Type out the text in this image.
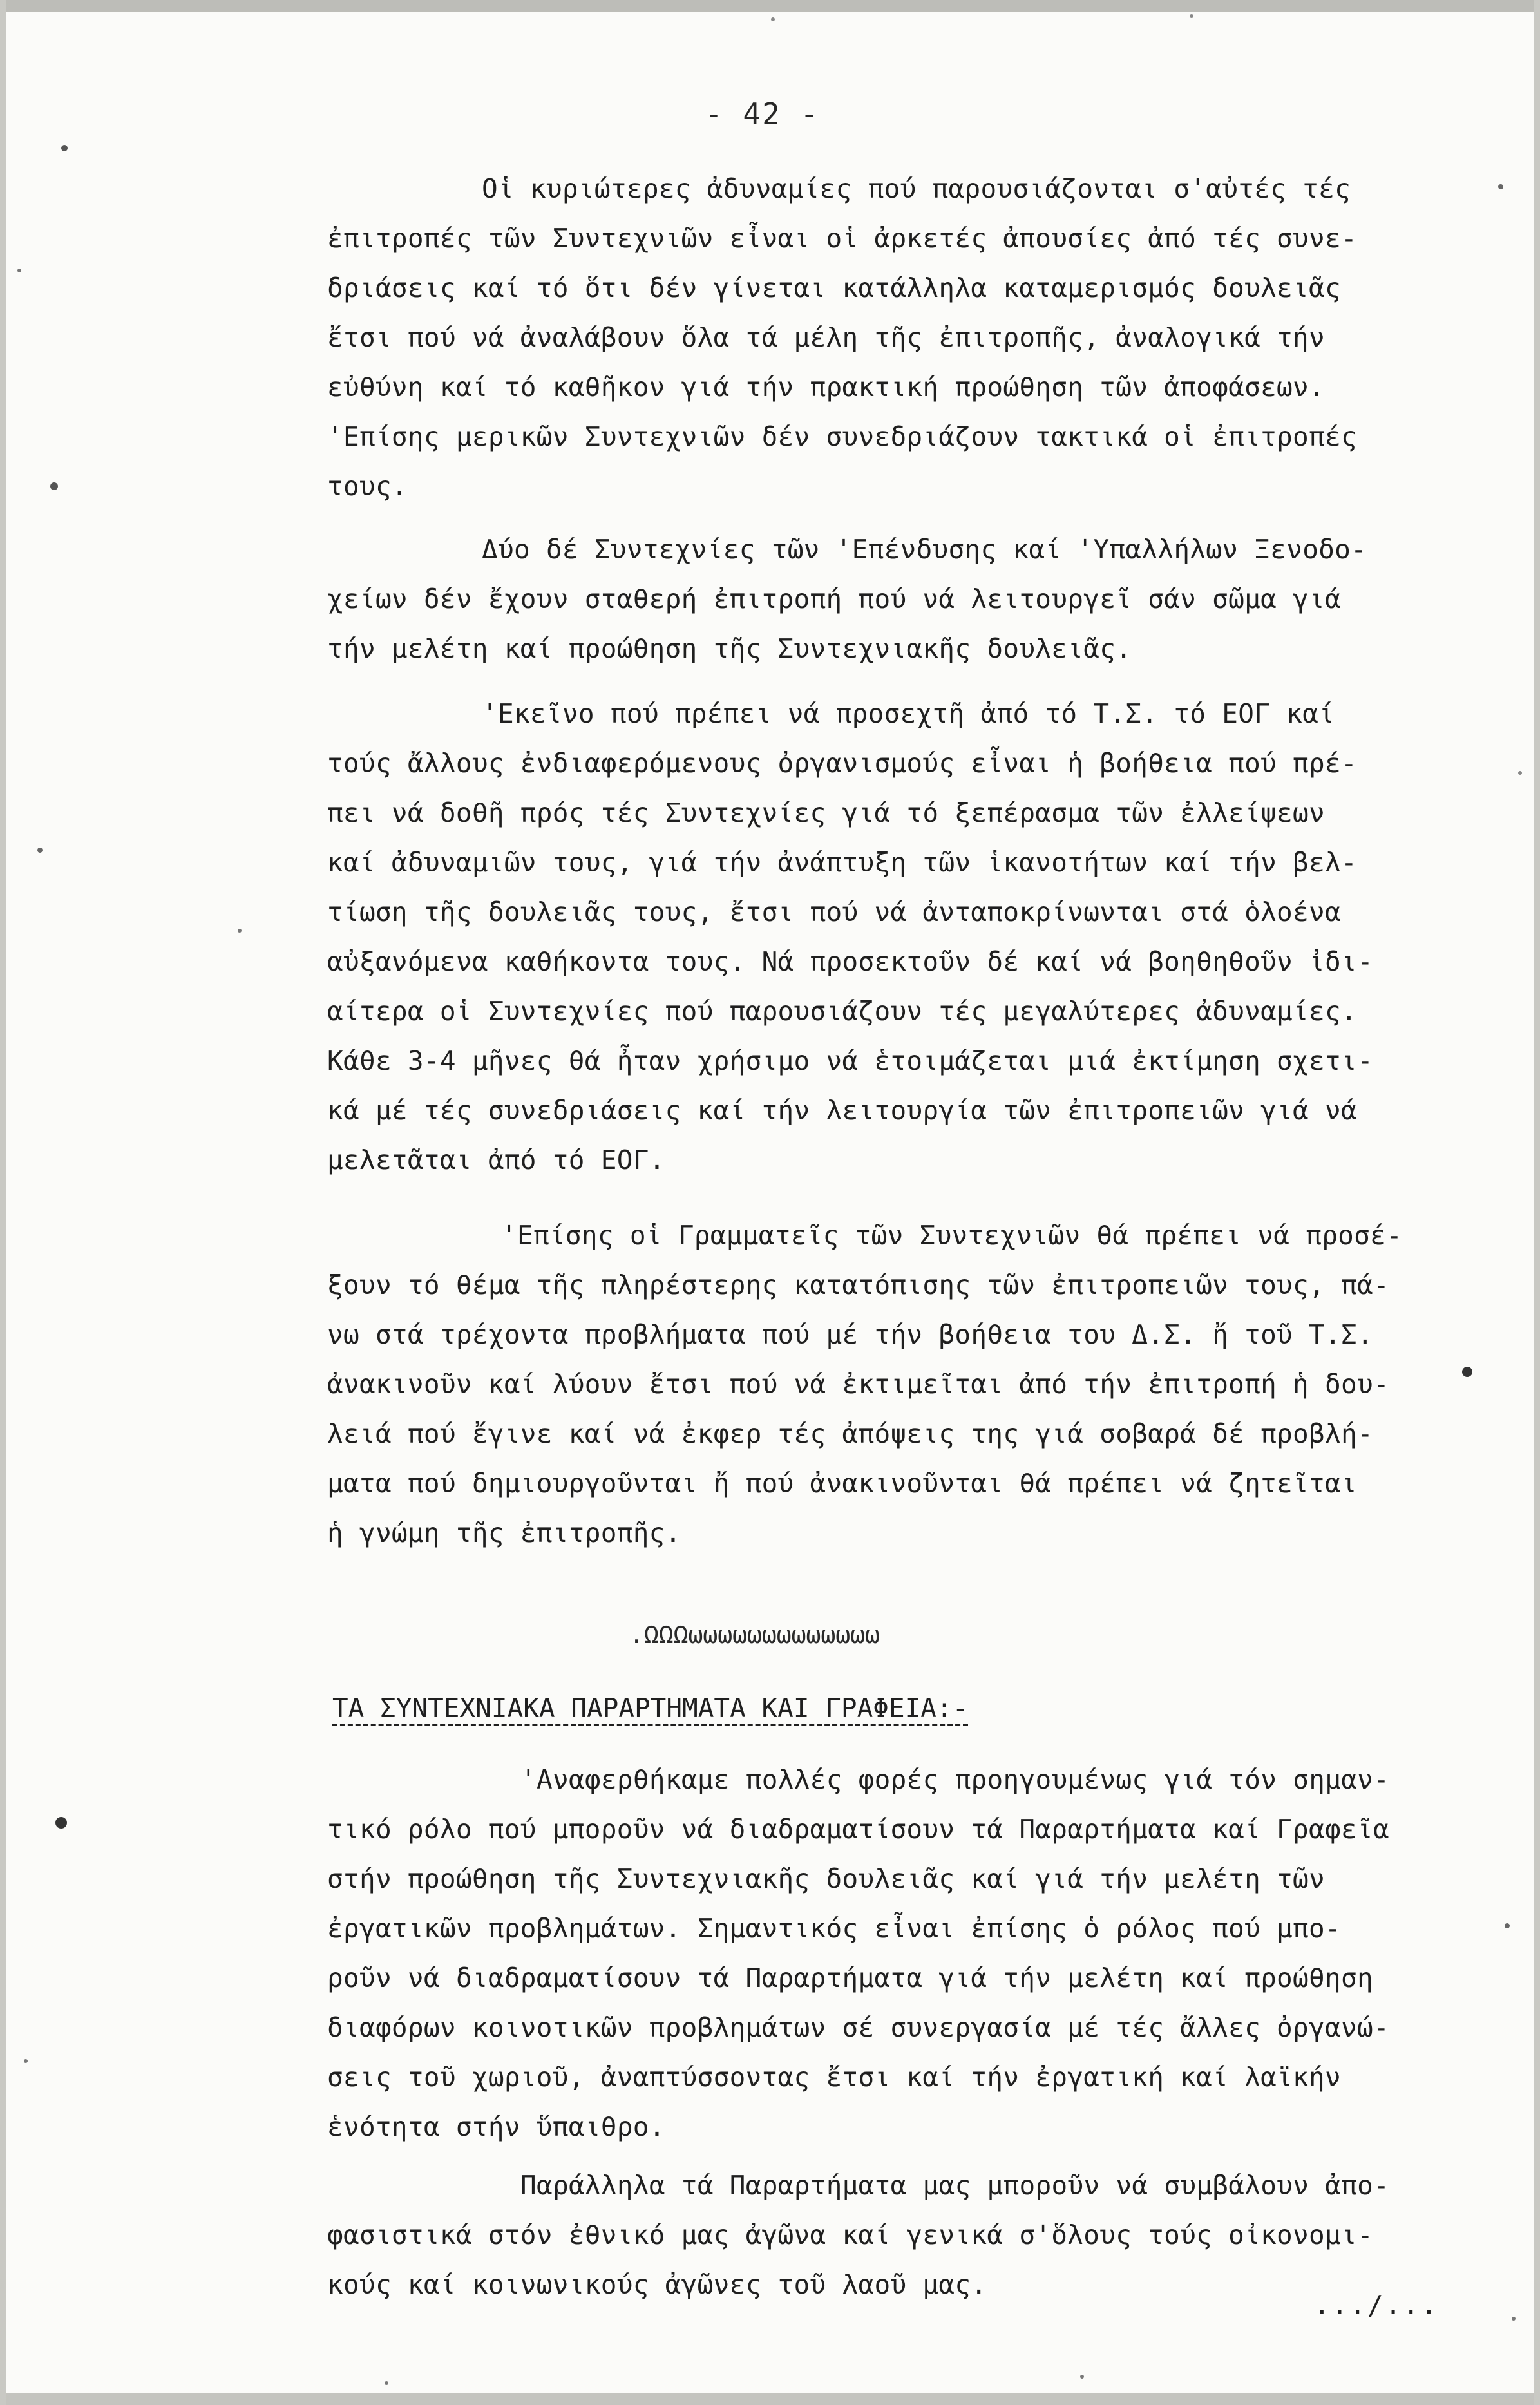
- 42 -
Οἱ κυριώτερες ἀδυναμίες πού παρουσιάζονται σ'αὐτές τές
ἐπιτροπές τῶν Συντεχνιῶν εἶναι οἱ ἀρκετές ἀπουσίες ἀπό τές συνε-
δριάσεις καί τό ὅτι δέν γίνεται κατάλληλα καταμερισμός δουλειᾶς
ἔτσι πού νά ἀναλάβουν ὅλα τά μέλη τῆς ἐπιτροπῆς, ἀναλογικά τήν
εὐθύνη καί τό καθῆκον γιά τήν πρακτική προώθηση τῶν ἀποφάσεων.
'Επίσης μερικῶν Συντεχνιῶν δέν συνεδριάζουν τακτικά οἱ ἐπιτροπές
τους.
Δύο δέ Συντεχνίες τῶν 'Επένδυσης καί 'Υπαλλήλων Ξενοδο-
χείων δέν ἔχουν σταθερή ἐπιτροπή πού νά λειτουργεῖ σάν σῶμα γιά
τήν μελέτη καί προώθηση τῆς Συντεχνιακῆς δουλειᾶς.
'Εκεῖνο πού πρέπει νά προσεχτῆ ἀπό τό Τ.Σ. τό ΕΟΓ καί
τούς ἄλλους ἐνδιαφερόμενους ὀργανισμούς εἶναι ἡ βοήθεια πού πρέ-
πει νά δοθῆ πρός τές Συντεχνίες γιά τό ξεπέρασμα τῶν ἐλλείψεων
καί ἀδυναμιῶν τους, γιά τήν ἀνάπτυξη τῶν ἱκανοτήτων καί τήν βελ-
τίωση τῆς δουλειᾶς τους, ἔτσι πού νά ἀνταποκρίνωνται στά ὁλοένα
αὐξανόμενα καθήκοντα τους. Νά προσεκτοῦν δέ καί νά βοηθηθοῦν ἰδι-
αίτερα οἱ Συντεχνίες πού παρουσιάζουν τές μεγαλύτερες ἀδυναμίες.
Κάθε 3-4 μῆνες θά ἦταν χρήσιμο νά ἑτοιμάζεται μιά ἐκτίμηση σχετι-
κά μέ τές συνεδριάσεις καί τήν λειτουργία τῶν ἐπιτροπειῶν γιά νά
μελετᾶται ἀπό τό ΕΟΓ.
'Επίσης οἱ Γραμματεῖς τῶν Συντεχνιῶν θά πρέπει νά προσέ-
ξουν τό θέμα τῆς πληρέστερης κατατόπισης τῶν ἐπιτροπειῶν τους, πά-
νω στά τρέχοντα προβλήματα πού μέ τήν βοήθεια του Δ.Σ. ἤ τοῦ Τ.Σ.
ἀνακινοῦν καί λύουν ἔτσι πού νά ἐκτιμεῖται ἀπό τήν ἐπιτροπή ἡ δου-
λειά πού ἔγινε καί νά ἐκφερ τές ἀπόψεις της γιά σοβαρά δέ προβλή-
ματα πού δημιουργοῦνται ἤ πού ἀνακινοῦνται θά πρέπει νά ζητεῖται
ἡ γνώμη τῆς ἐπιτροπῆς.
.ΩΩΩωωωωωωωωωωωωω
ΤΑ ΣΥΝΤΕΧΝΙΑΚΑ ΠΑΡΑΡΤΗΜΑΤΑ ΚΑΙ ΓΡΑΦΕΙΑ:-
'Αναφερθήκαμε πολλές φορές προηγουμένως γιά τόν σημαν-
τικό ρόλο πού μποροῦν νά διαδραματίσουν τά Παραρτήματα καί Γραφεῖα
στήν προώθηση τῆς Συντεχνιακῆς δουλειᾶς καί γιά τήν μελέτη τῶν
ἐργατικῶν προβλημάτων. Σημαντικός εἶναι ἐπίσης ὁ ρόλος πού μπο-
ροῦν νά διαδραματίσουν τά Παραρτήματα γιά τήν μελέτη καί προώθηση
διαφόρων κοινοτικῶν προβλημάτων σέ συνεργασία μέ τές ἄλλες ὀργανώ-
σεις τοῦ χωριοῦ, ἀναπτύσσοντας ἔτσι καί τήν ἐργατική καί λαϊκήν
ἑνότητα στήν ὕπαιθρο.
Παράλληλα τά Παραρτήματα μας μποροῦν νά συμβάλουν ἀπο-
φασιστικά στόν ἐθνικό μας ἀγῶνα καί γενικά σ'ὅλους τούς οἰκονομι-
κούς καί κοινωνικούς ἀγῶνες τοῦ λαοῦ μας.
.../...
